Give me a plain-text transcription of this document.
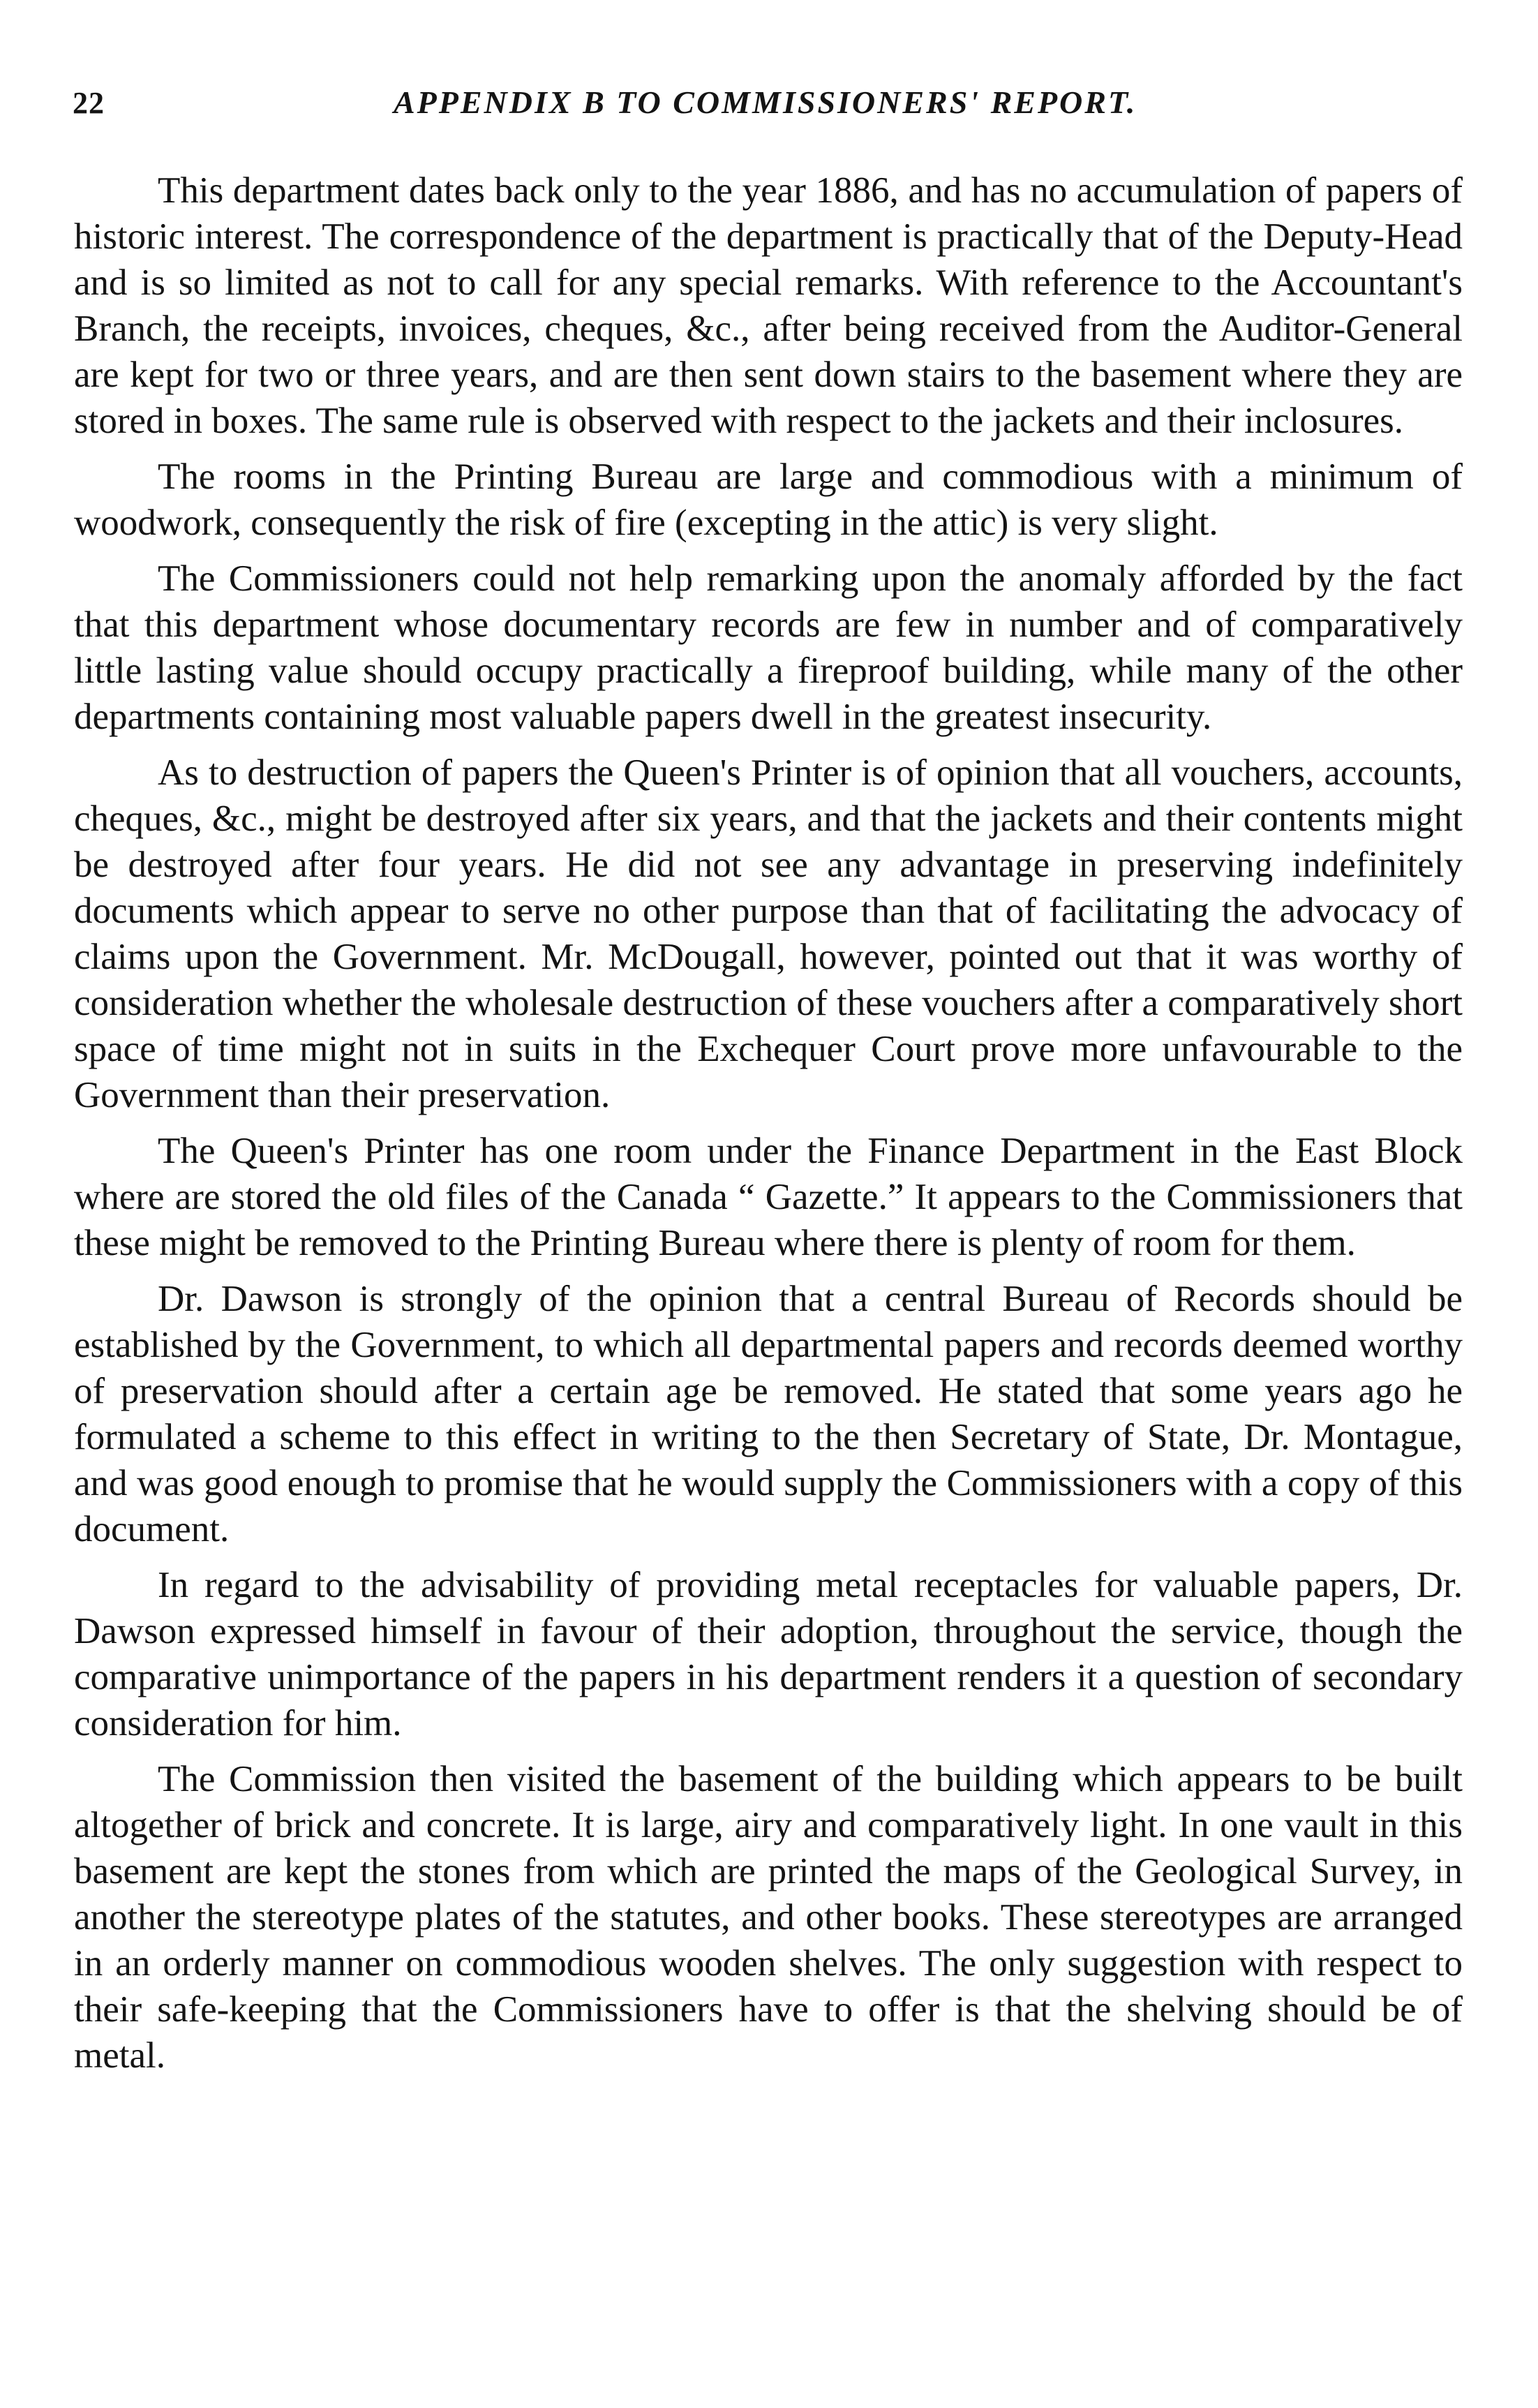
22	APPENDIX B TO COMMISSIONERS' REPORT.

This department dates back only to the year 1886, and has no accumulation of papers of historic interest. The correspondence of the department is practically that of the Deputy-Head and is so limited as not to call for any special remarks. With reference to the Accountant's Branch, the receipts, invoices, cheques, &c., after being received from the Auditor-General are kept for two or three years, and are then sent down stairs to the basement where they are stored in boxes. The same rule is observed with respect to the jackets and their inclosures.

The rooms in the Printing Bureau are large and commodious with a minimum of woodwork, consequently the risk of fire (excepting in the attic) is very slight.

The Commissioners could not help remarking upon the anomaly afforded by the fact that this department whose documentary records are few in number and of comparatively little lasting value should occupy practically a fireproof building, while many of the other departments containing most valuable papers dwell in the greatest insecurity.

As to destruction of papers the Queen's Printer is of opinion that all vouchers, accounts, cheques, &c., might be destroyed after six years, and that the jackets and their contents might be destroyed after four years. He did not see any advantage in preserving indefinitely documents which appear to serve no other purpose than that of facilitating the advocacy of claims upon the Government. Mr. McDougall, however, pointed out that it was worthy of consideration whether the wholesale destruction of these vouchers after a comparatively short space of time might not in suits in the Exchequer Court prove more unfavourable to the Government than their preservation.

The Queen's Printer has one room under the Finance Department in the East Block where are stored the old files of the Canada “ Gazette.” It appears to the Commissioners that these might be removed to the Printing Bureau where there is plenty of room for them.

Dr. Dawson is strongly of the opinion that a central Bureau of Records should be established by the Government, to which all departmental papers and records deemed worthy of preservation should after a certain age be removed. He stated that some years ago he formulated a scheme to this effect in writing to the then Secretary of State, Dr. Montague, and was good enough to promise that he would supply the Commissioners with a copy of this document.

In regard to the advisability of providing metal receptacles for valuable papers, Dr. Dawson expressed himself in favour of their adoption, throughout the service, though the comparative unimportance of the papers in his department renders it a question of secondary consideration for him.

The Commission then visited the basement of the building which appears to be built altogether of brick and concrete. It is large, airy and comparatively light. In one vault in this basement are kept the stones from which are printed the maps of the Geological Survey, in another the stereotype plates of the statutes, and other books. These stereotypes are arranged in an orderly manner on commodious wooden shelves. The only suggestion with respect to their safe-keeping that the Commissioners have to offer is that the shelving should be of metal.
